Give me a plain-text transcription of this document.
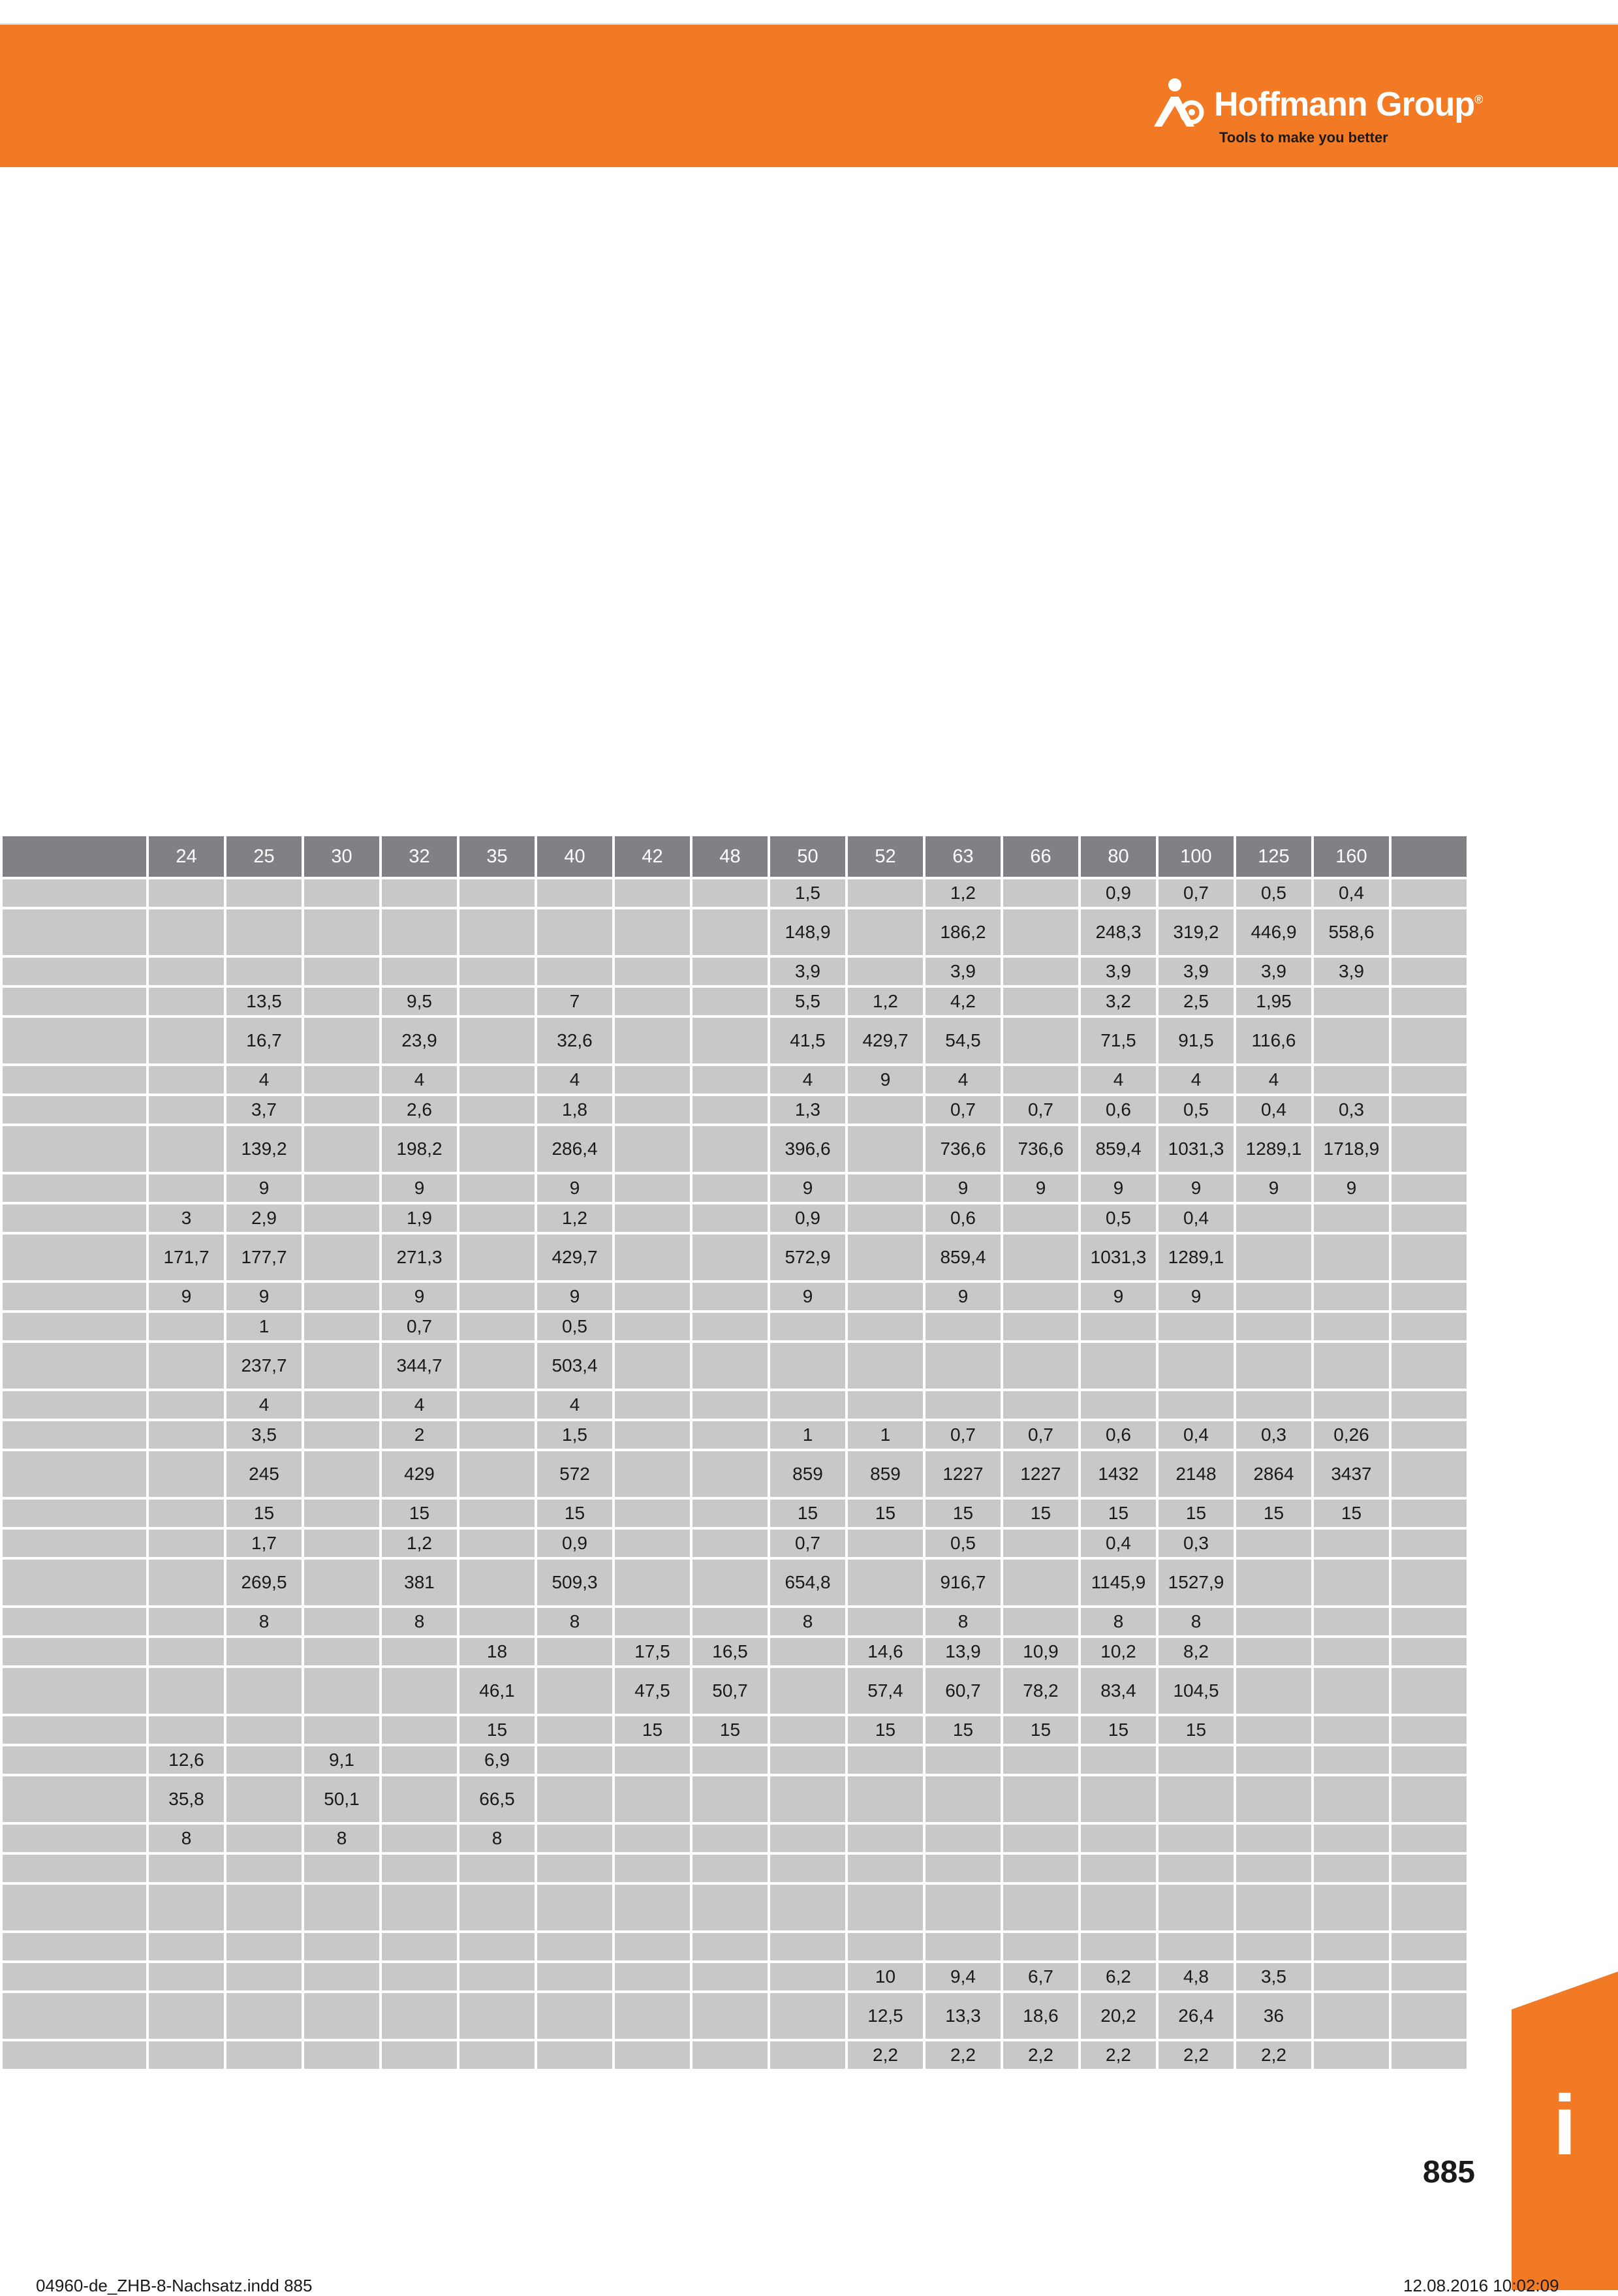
Hoffmann Group®
Tools to make you better
	24	25	30	32	35	40	42	48	50	52	63	66	80	100	125	160	
									1,5		1,2		0,9	0,7	0,5	0,4	
									148,9		186,2		248,3	319,2	446,9	558,6	
									3,9		3,9		3,9	3,9	3,9	3,9	
		13,5		9,5		7			5,5	1,2	4,2		3,2	2,5	1,95		
		16,7		23,9		32,6			41,5	429,7	54,5		71,5	91,5	116,6		
		4		4		4			4	9	4		4	4	4		
		3,7		2,6		1,8			1,3		0,7	0,7	0,6	0,5	0,4	0,3	
		139,2		198,2		286,4			396,6		736,6	736,6	859,4	1031,3	1289,1	1718,9	
		9		9		9			9		9	9	9	9	9	9	
	3	2,9		1,9		1,2			0,9		0,6		0,5	0,4			
	171,7	177,7		271,3		429,7			572,9		859,4		1031,3	1289,1			
	9	9		9		9			9		9		9	9			
		1		0,7		0,5											
		237,7		344,7		503,4											
		4		4		4											
		3,5		2		1,5			1	1	0,7	0,7	0,6	0,4	0,3	0,26	
		245		429		572			859	859	1227	1227	1432	2148	2864	3437	
		15		15		15			15	15	15	15	15	15	15	15	
		1,7		1,2		0,9			0,7		0,5		0,4	0,3			
		269,5		381		509,3			654,8		916,7		1145,9	1527,9			
		8		8		8			8		8		8	8			
					18		17,5	16,5		14,6	13,9	10,9	10,2	8,2			
					46,1		47,5	50,7		57,4	60,7	78,2	83,4	104,5			
					15		15	15		15	15	15	15	15			
	12,6		9,1		6,9												
	35,8		50,1		66,5												
	8		8		8												

										10	9,4	6,7	6,2	4,8	3,5		
										12,5	13,3	18,6	20,2	26,4	36		
										2,2	2,2	2,2	2,2	2,2	2,2		
i
885
04960-de_ZHB-8-Nachsatz.indd 885	12.08.2016 10:02:09
